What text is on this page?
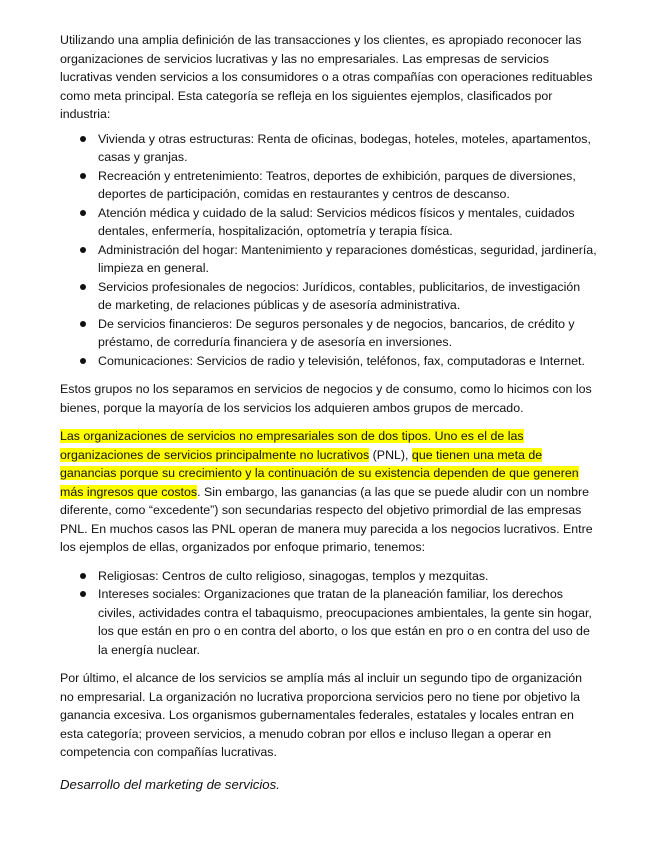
Utilizando una amplia definición de las transacciones y los clientes, es apropiado reconocer las organizaciones de servicios lucrativas y las no empresariales. Las empresas de servicios lucrativas venden servicios a los consumidores o a otras compañías con operaciones redituables como meta principal. Esta categoría se refleja en los siguientes ejemplos, clasificados por industria:

Vivienda y otras estructuras: Renta de oficinas, bodegas, hoteles, moteles, apartamentos, casas y granjas.
Recreación y entretenimiento: Teatros, deportes de exhibición, parques de diversiones, deportes de participación, comidas en restaurantes y centros de descanso.
Atención médica y cuidado de la salud: Servicios médicos físicos y mentales, cuidados dentales, enfermería, hospitalización, optometría y terapia física.
Administración del hogar: Mantenimiento y reparaciones domésticas, seguridad, jardinería, limpieza en general.
Servicios profesionales de negocios: Jurídicos, contables, publicitarios, de investigación de marketing, de relaciones públicas y de asesoría administrativa.
De servicios financieros: De seguros personales y de negocios, bancarios, de crédito y préstamo, de correduría financiera y de asesoría en inversiones.
Comunicaciones: Servicios de radio y televisión, teléfonos, fax, computadoras e Internet.

Estos grupos no los separamos en servicios de negocios y de consumo, como lo hicimos con los bienes, porque la mayoría de los servicios los adquieren ambos grupos de mercado.

Las organizaciones de servicios no empresariales son de dos tipos. Uno es el de las organizaciones de servicios principalmente no lucrativos (PNL), que tienen una meta de ganancias porque su crecimiento y la continuación de su existencia dependen de que generen más ingresos que costos. Sin embargo, las ganancias (a las que se puede aludir con un nombre diferente, como “excedente”) son secundarias respecto del objetivo primordial de las empresas PNL. En muchos casos las PNL operan de manera muy parecida a los negocios lucrativos. Entre los ejemplos de ellas, organizados por enfoque primario, tenemos:

Religiosas: Centros de culto religioso, sinagogas, templos y mezquitas.
Intereses sociales: Organizaciones que tratan de la planeación familiar, los derechos civiles, actividades contra el tabaquismo, preocupaciones ambientales, la gente sin hogar, los que están en pro o en contra del aborto, o los que están en pro o en contra del uso de la energía nuclear.

Por último, el alcance de los servicios se amplía más al incluir un segundo tipo de organización no empresarial. La organización no lucrativa proporciona servicios pero no tiene por objetivo la ganancia excesiva. Los organismos gubernamentales federales, estatales y locales entran en esta categoría; proveen servicios, a menudo cobran por ellos e incluso llegan a operar en competencia con compañías lucrativas.

Desarrollo del marketing de servicios.
